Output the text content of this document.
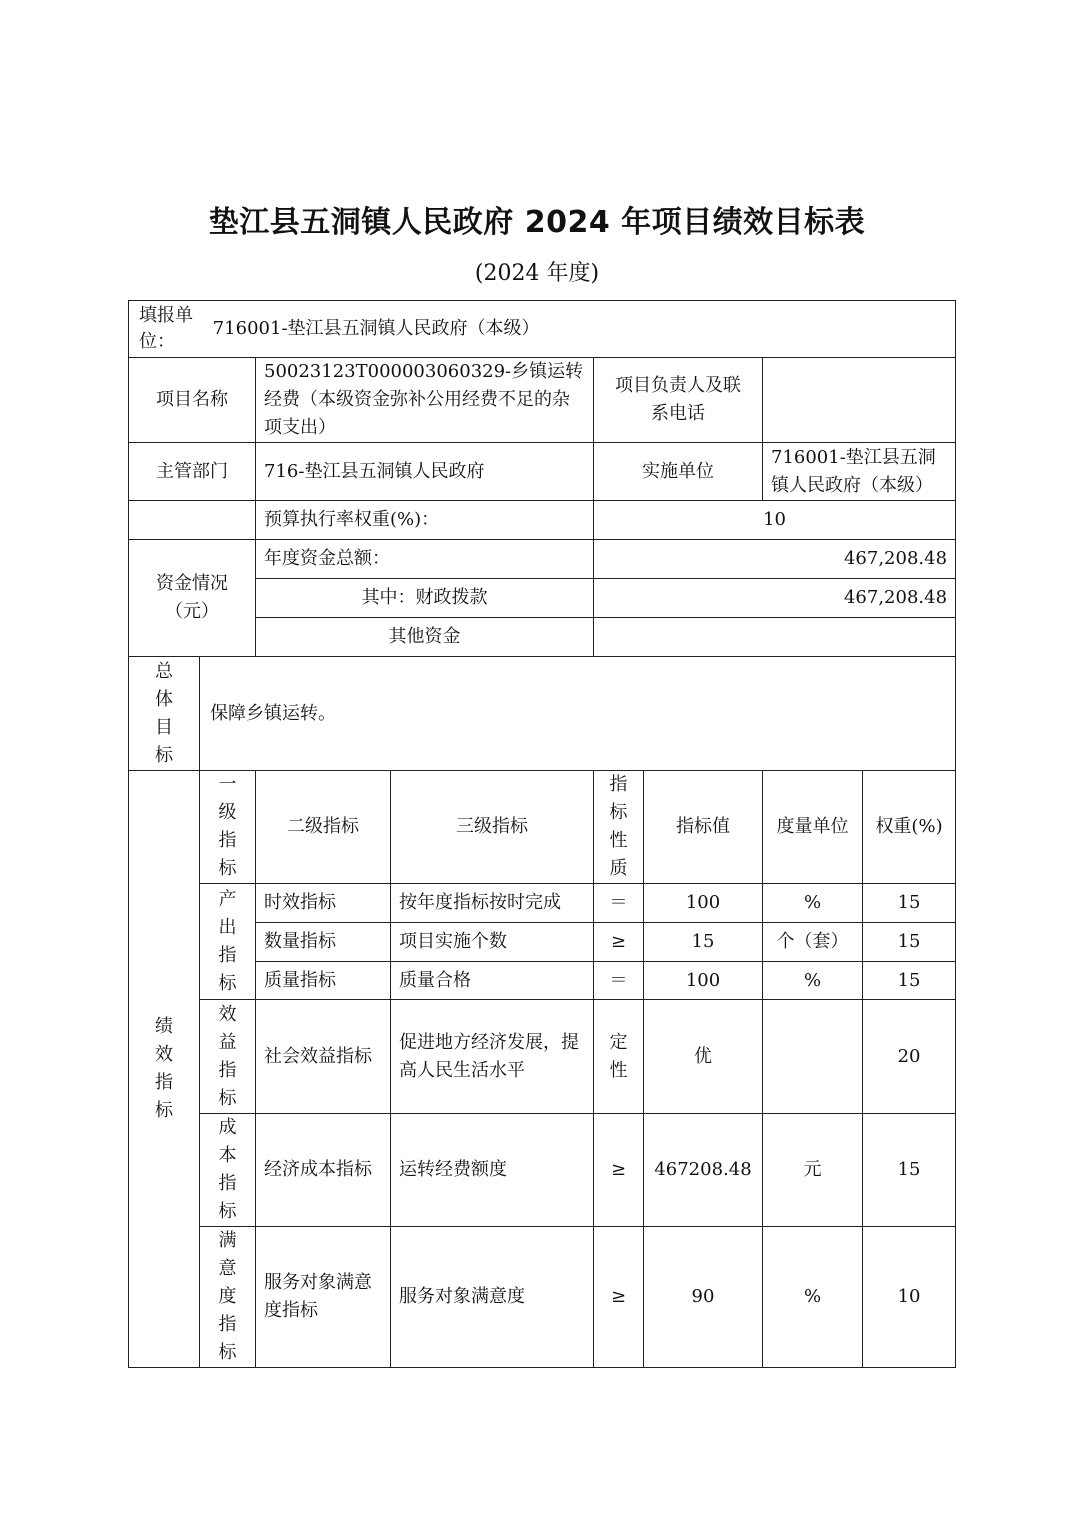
垫江县五洞镇人民政府 2024 年项目绩效目标表
(2024 年度)
填报单位： 716001-垫江县五洞镇人民政府（本级）							
项目名称		50023123T000003060329-乡镇运转经费（本级资金弥补公用经费不足的杂项支出）		项目负责人及联系电话			
主管部门		716-垫江县五洞镇人民政府		实施单位		716001-垫江县五洞镇人民政府（本级）	
		预算执行率权重(%)：		10			
资金情况（元）		年度资金总额：		467,208.48			
		其中：财政拨款		467,208.48			
		其他资金					
总体目标	保障乡镇运转。						
绩效指标	一级指标	二级指标	三级指标	指标性质	指标值	度量单位	权重(%)
	产出指标	时效指标	按年度指标按时完成	＝	100	%	15
		数量指标	项目实施个数	≥	15	个（套）	15
		质量指标	质量合格	＝	100	%	15
	效益指标	社会效益指标	促进地方经济发展，提高人民生活水平	定性	优		20
	成本指标	经济成本指标	运转经费额度	≥	467208.48	元	15
	满意度指标	服务对象满意度指标	服务对象满意度	≥	90	%	10
